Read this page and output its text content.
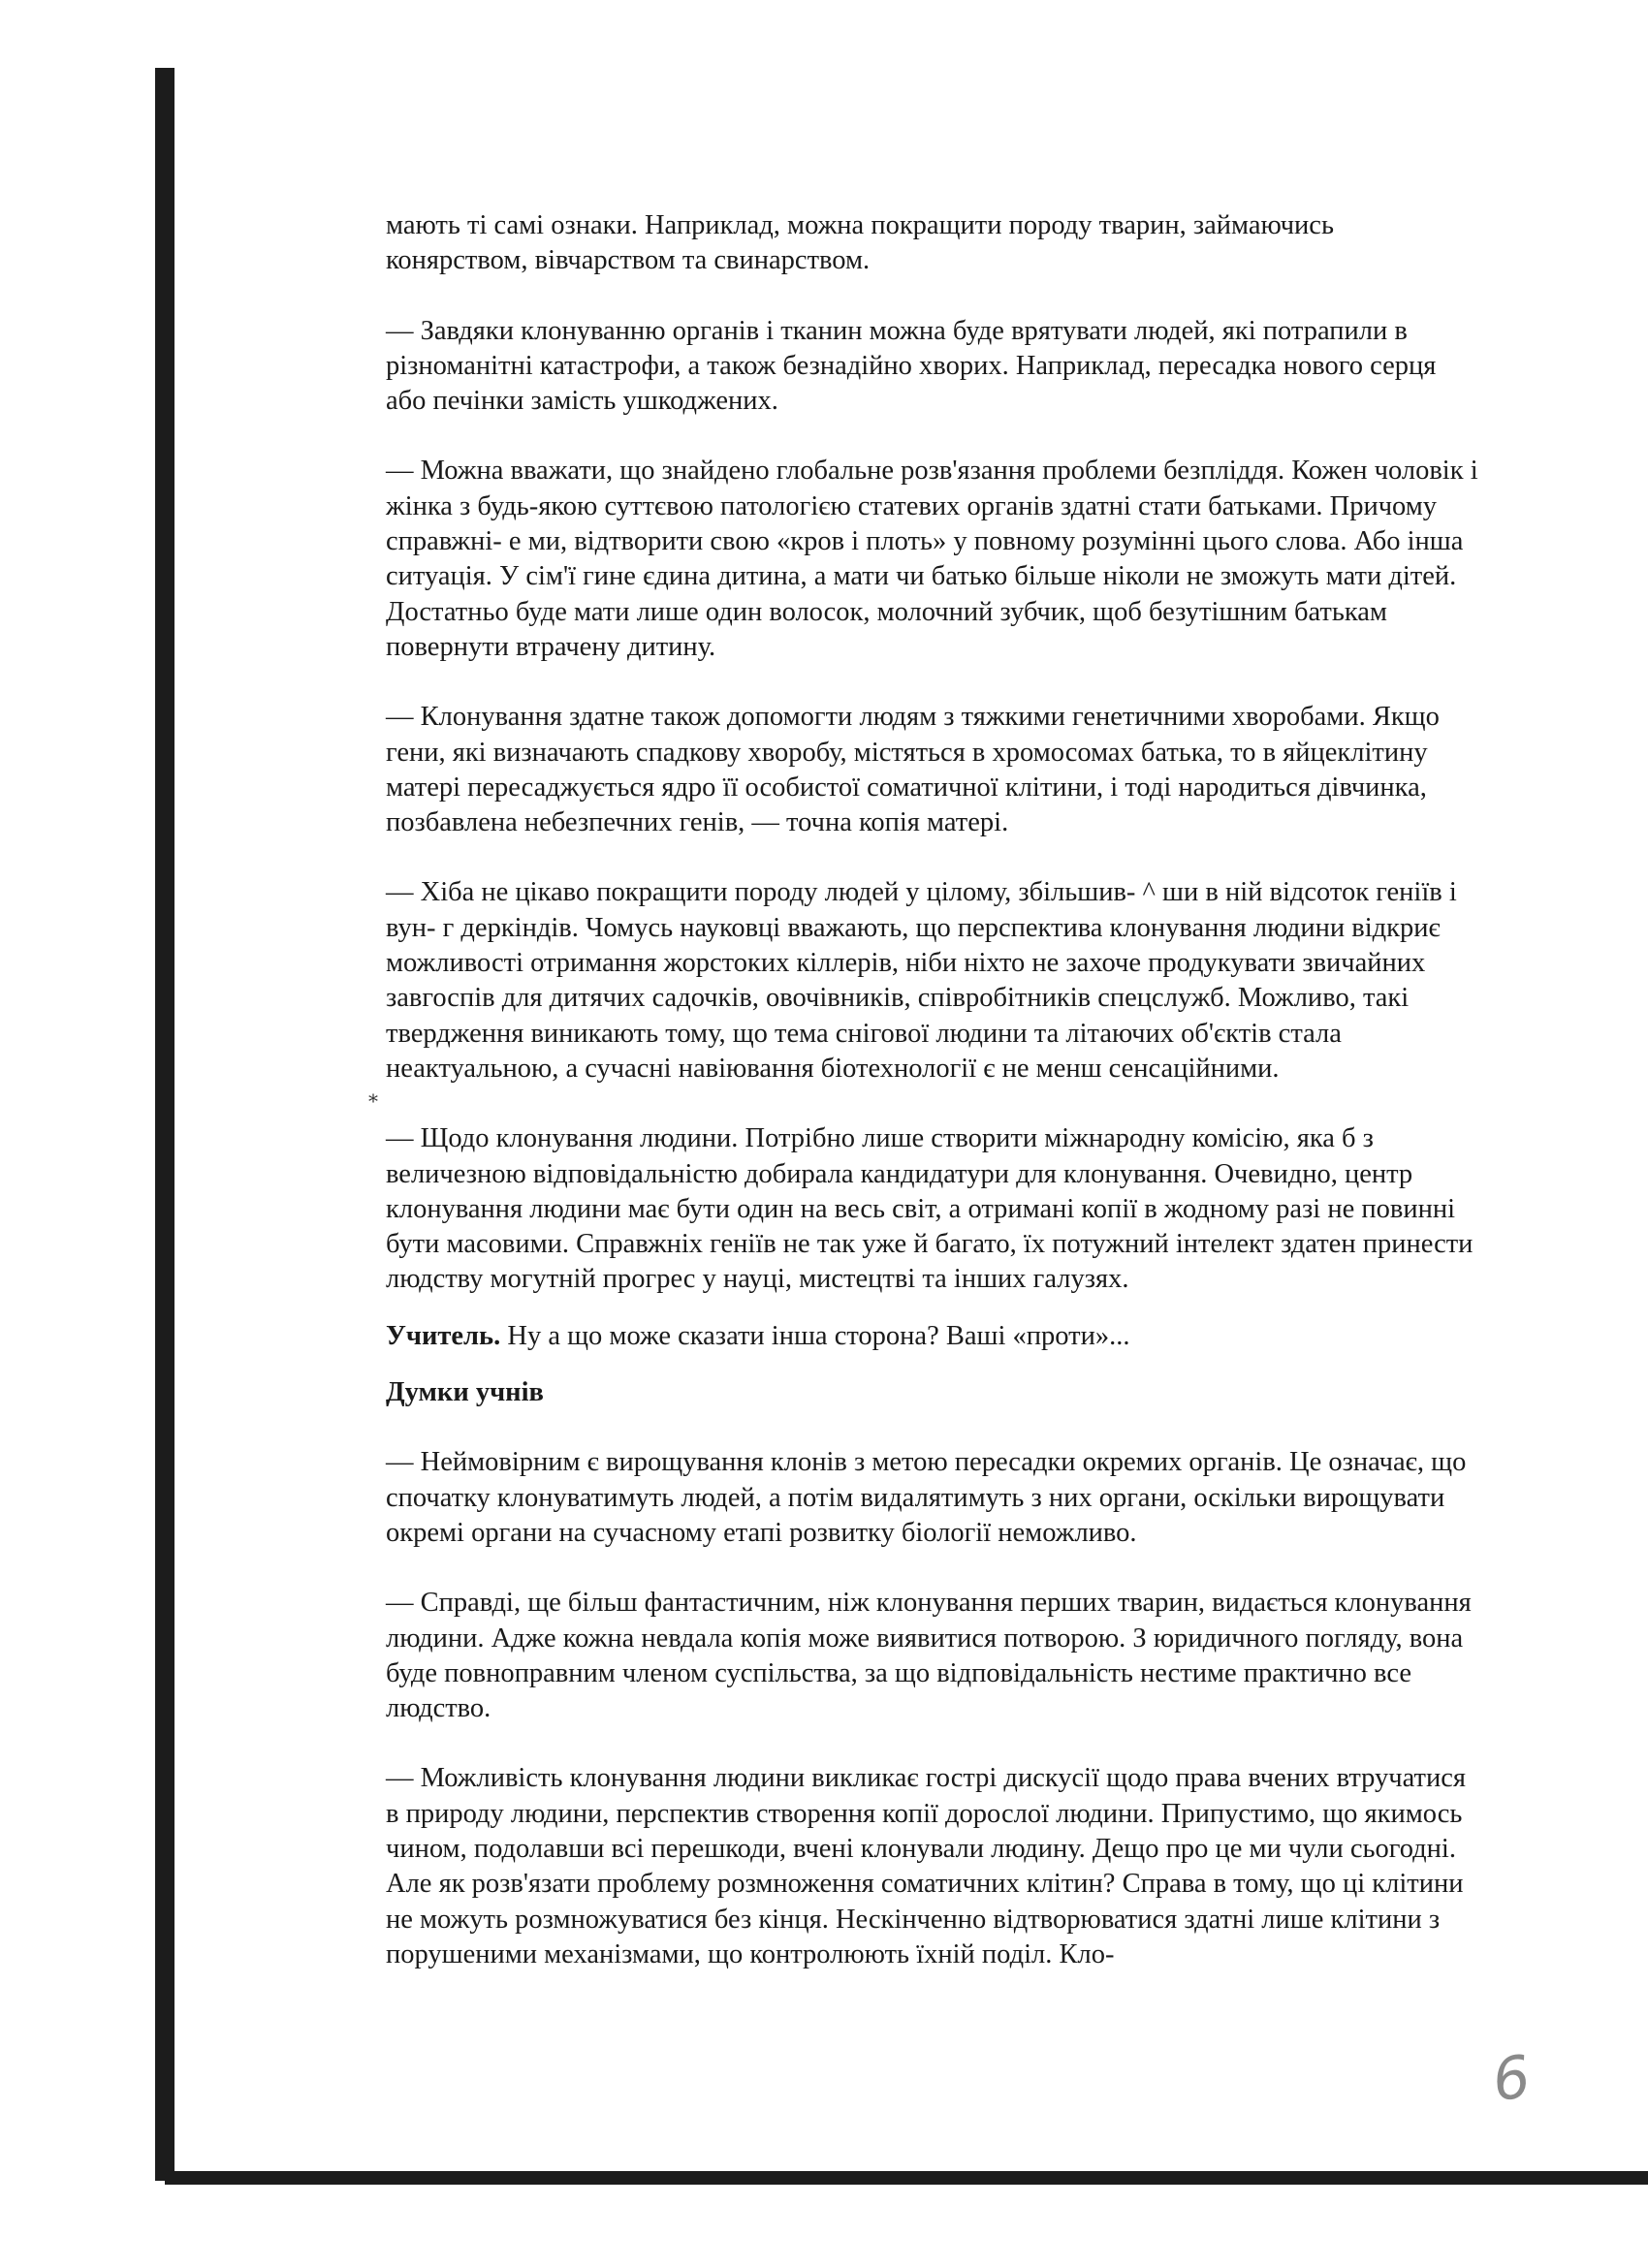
⁎

мають ті самі ознаки. Наприклад, можна покращити породу тварин, займаючись конярством, вівчарством та свинарством.

— Завдяки клонуванню органів і тканин можна буде врятувати людей, які потрапили в різноманітні катастрофи, а також безнадійно хворих. Наприклад, пересадка нового серця або печінки замість ушкоджених.

— Можна вважати, що знайдено глобальне розв'язання проблеми безпліддя. Кожен чоловік і жінка з будь-якою суттєвою патологією статевих органів здатні стати батьками. Причому справжні- е ми, відтворити свою «кров і плоть» у повному розумінні цього слова. Або інша ситуація. У сім'ї гине єдина дитина, а мати чи батько більше ніколи не зможуть мати дітей. Достатньо буде мати лише один волосок, молочний зубчик, щоб безутішним батькам повернути втрачену дитину.

— Клонування здатне також допомогти людям з тяжкими генетичними хворобами. Якщо гени, які визначають спадкову хворобу, містяться в хромосомах батька, то в яйцеклітину матері пересаджується ядро її особистої соматичної клітини, і тоді народиться дівчинка, позбавлена небезпечних генів, — точна копія матері.

— Хіба не цікаво покращити породу людей у цілому, збільшив- ^ ши в ній відсоток геніїв і вун- г деркіндів. Чомусь науковці вважають, що перспектива клонування людини відкриє можливості отримання жорстоких кіллерів, ніби ніхто не захоче продукувати звичайних завгоспів для дитячих садочків, овочівників, співробітників спецслужб. Можливо, такі твердження виникають тому, що тема снігової людини та літаючих об'єктів стала неактуальною, а сучасні навіювання біотехнології є не менш сенсаційними.

— Щодо клонування людини. Потрібно лише створити міжнародну комісію, яка б з величезною відповідальністю добирала кандидатури для клонування. Очевидно, центр клонування людини має бути один на весь світ, а отримані копії в жодному разі не повинні бути масовими. Справжніх геніїв не так уже й багато, їх потужний інтелект здатен принести людству могутній прогрес у науці, мистецтві та інших галузях.

Учитель. Ну а що може сказати інша сторона? Ваші «проти»...

Думки учнів

— Неймовірним є вирощування клонів з метою пересадки окремих органів. Це означає, що спочатку клонуватимуть людей, а потім видалятимуть з них органи, оскільки вирощувати окремі органи на сучасному етапі розвитку біології неможливо.

— Справді, ще більш фантастичним, ніж клонування перших тварин, видається клонування людини. Адже кожна невдала копія може виявитися потворою. З юридичного погляду, вона буде повноправним членом суспільства, за що відповідальність нестиме практично все людство.

— Можливість клонування людини викликає гострі дискусії щодо права вчених втручатися в природу людини, перспектив створення копії дорослої людини. Припустимо, що якимось чином, подолавши всі перешкоди, вчені клонували людину. Дещо про це ми чули сьогодні. Але як розв'язати проблему розмноження соматичних клітин? Справа в тому, що ці клітини не можуть розмножуватися без кінця. Нескінченно відтворюватися здатні лише клітини з порушеними механізмами, що контролюють їхній поділ. Кло-

6
